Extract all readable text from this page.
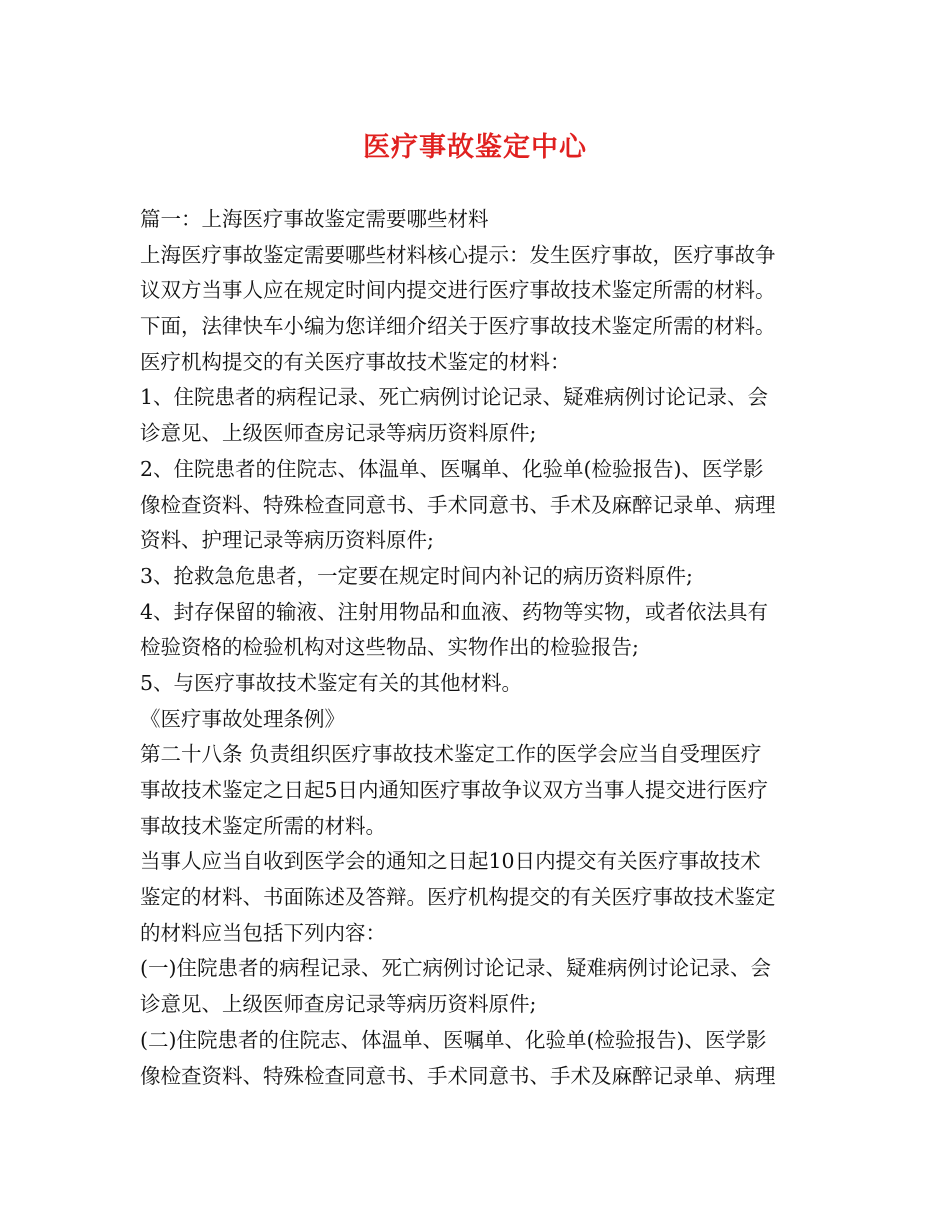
医疗事故鉴定中心
篇一：上海医疗事故鉴定需要哪些材料
上海医疗事故鉴定需要哪些材料核心提示：发生医疗事故，医疗事故争
议双方当事人应在规定时间内提交进行医疗事故技术鉴定所需的材料。
下面，法律快车小编为您详细介绍关于医疗事故技术鉴定所需的材料。
医疗机构提交的有关医疗事故技术鉴定的材料：
1、住院患者的病程记录、死亡病例讨论记录、疑难病例讨论记录、会
诊意见、上级医师查房记录等病历资料原件;
2、住院患者的住院志、体温单、医嘱单、化验单(检验报告)、医学影
像检查资料、特殊检查同意书、手术同意书、手术及麻醉记录单、病理
资料、护理记录等病历资料原件;
3、抢救急危患者，一定要在规定时间内补记的病历资料原件;
4、封存保留的输液、注射用物品和血液、药物等实物，或者依法具有
检验资格的检验机构对这些物品、实物作出的检验报告;
5、与医疗事故技术鉴定有关的其他材料。
《医疗事故处理条例》
第二十八条 负责组织医疗事故技术鉴定工作的医学会应当自受理医疗
事故技术鉴定之日起5日内通知医疗事故争议双方当事人提交进行医疗
事故技术鉴定所需的材料。
当事人应当自收到医学会的通知之日起10日内提交有关医疗事故技术
鉴定的材料、书面陈述及答辩。医疗机构提交的有关医疗事故技术鉴定
的材料应当包括下列内容：
(一)住院患者的病程记录、死亡病例讨论记录、疑难病例讨论记录、会
诊意见、上级医师查房记录等病历资料原件;
(二)住院患者的住院志、体温单、医嘱单、化验单(检验报告)、医学影
像检查资料、特殊检查同意书、手术同意书、手术及麻醉记录单、病理
